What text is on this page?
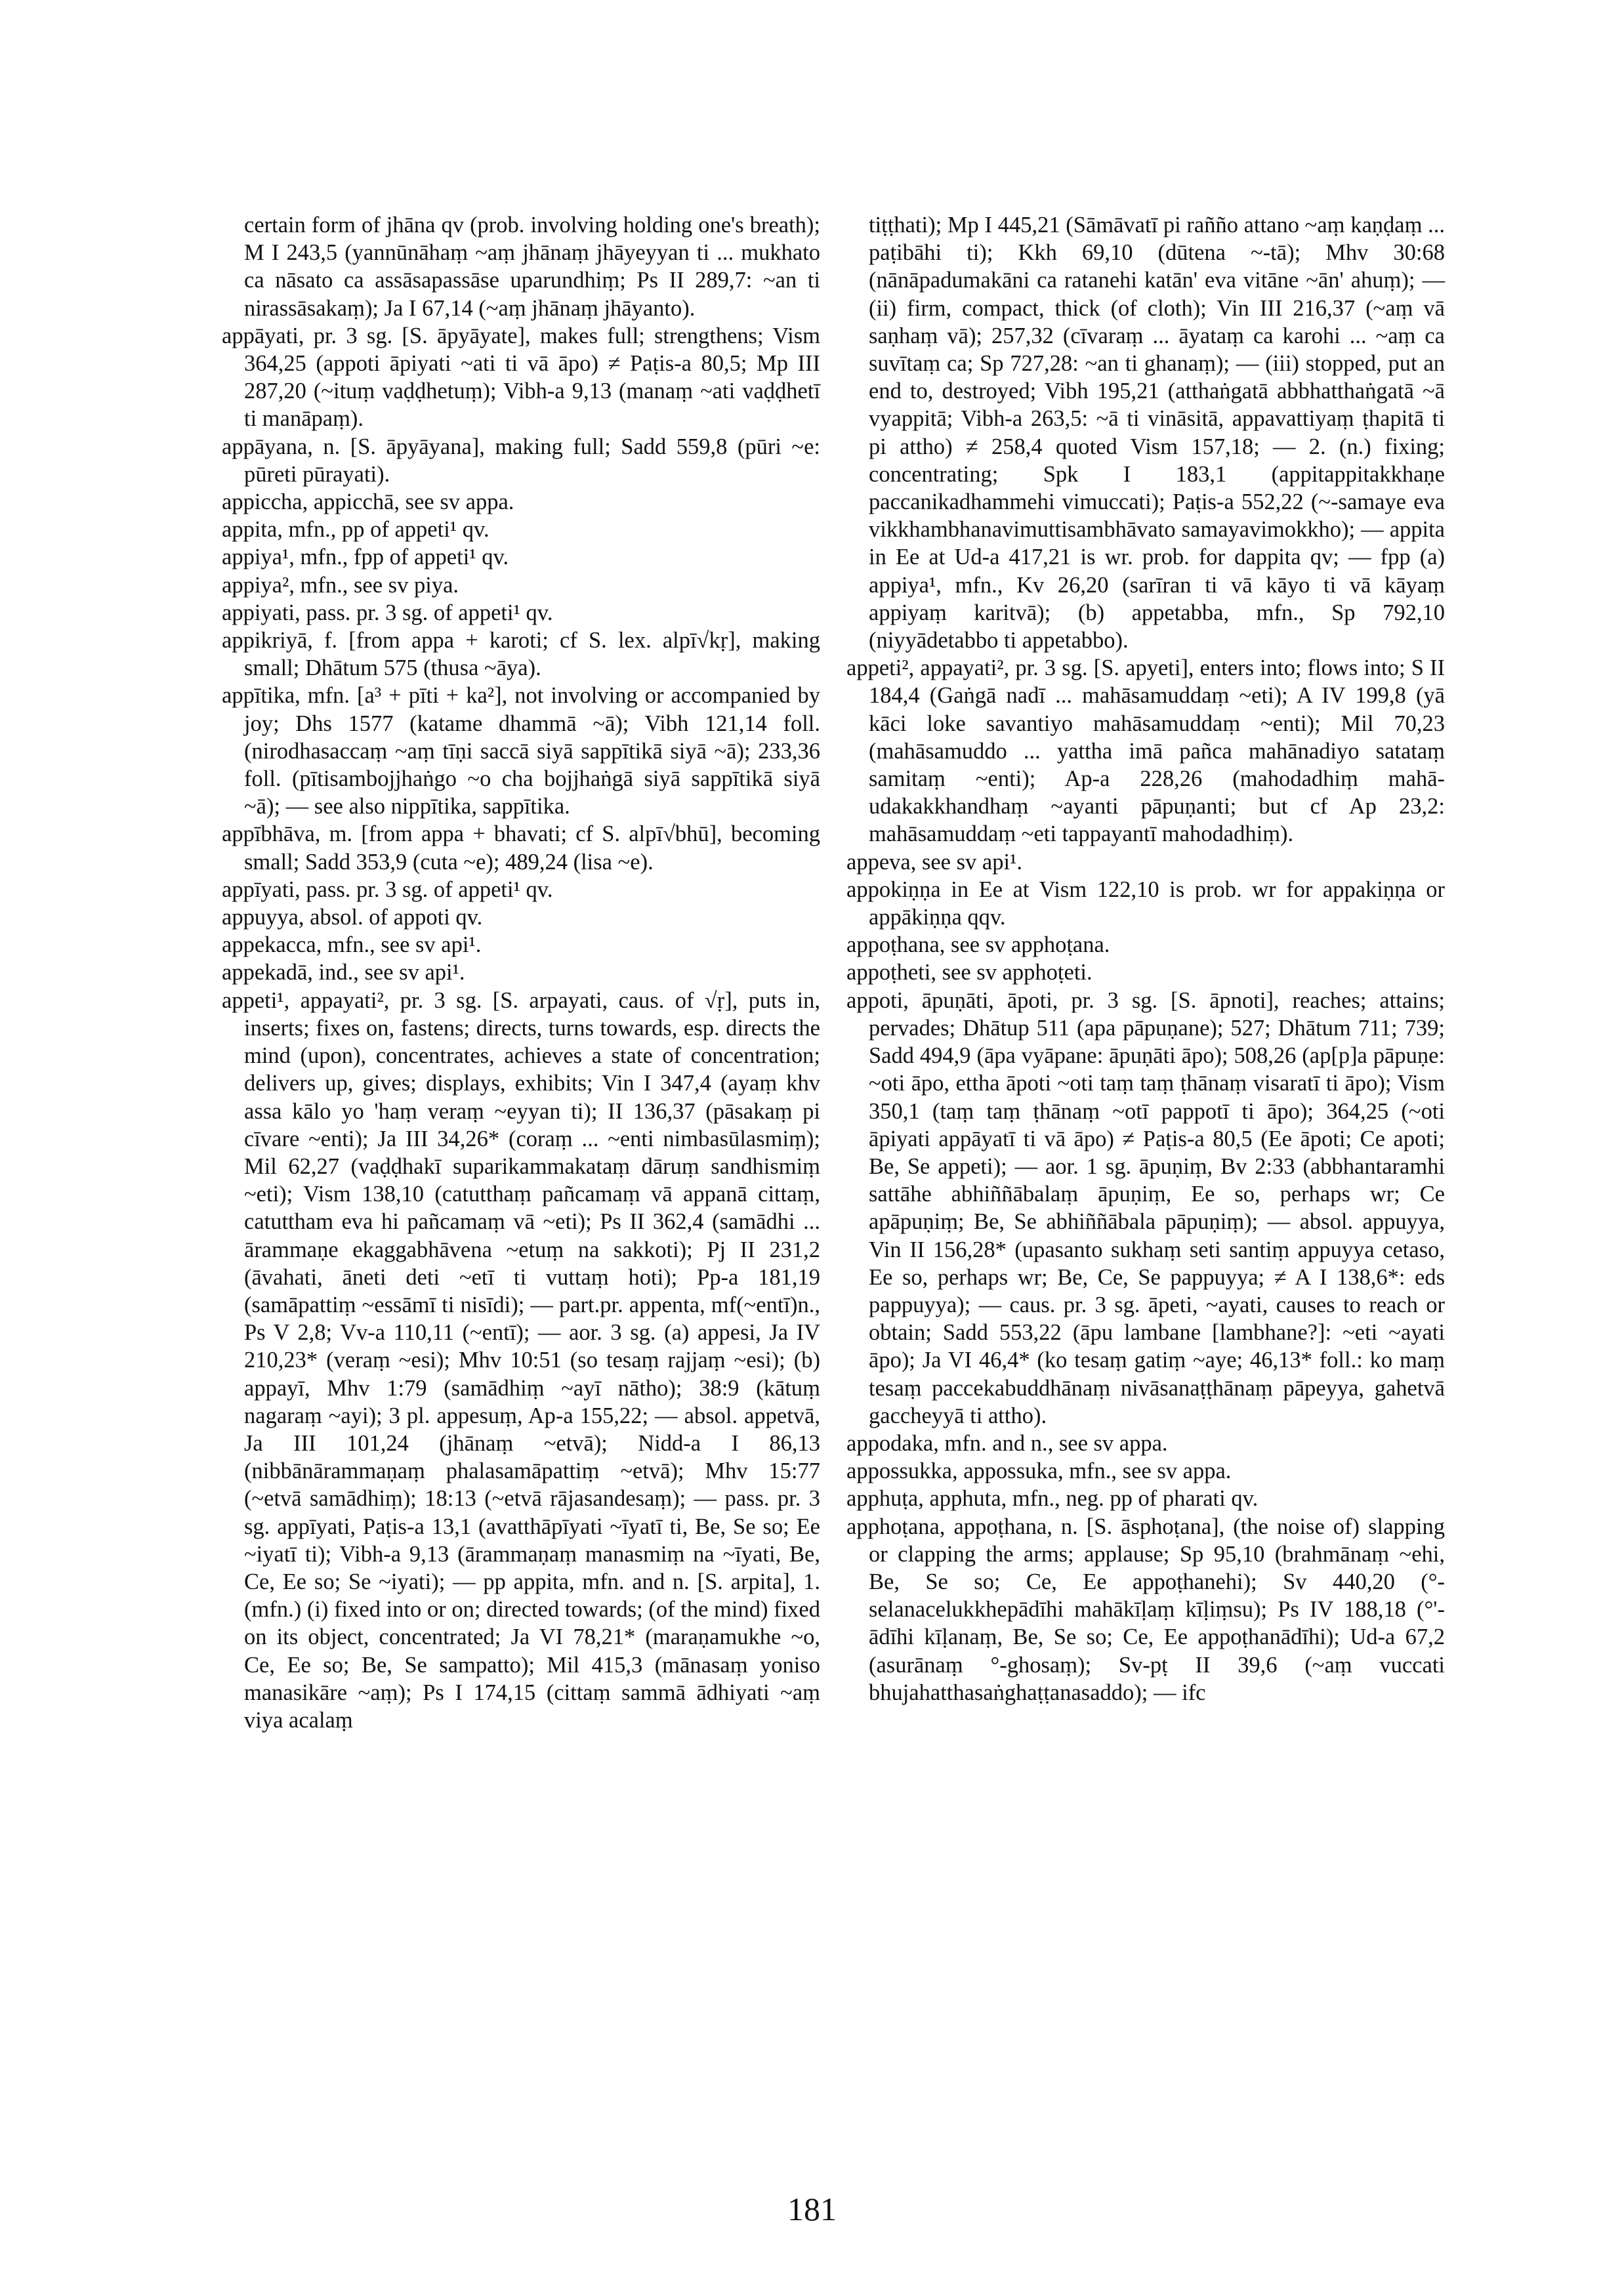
certain form of jhāna qv (prob. involving holding one's breath); M I 243,5 (yannūnāhaṃ ~aṃ jhānaṃ jhāyeyyan ti ... mukhato ca nāsato ca assāsapassāse uparundhiṃ; Ps II 289,7: ~an ti nirassāsakaṃ); Ja I 67,14 (~aṃ jhānaṃ jhāyanto).

appāyati, pr. 3 sg. [S. āpyāyate], makes full; strengthens; Vism 364,25 (appoti āpiyati ~ati ti vā āpo) ≠ Paṭis-a 80,5; Mp III 287,20 (~ituṃ vaḍḍhetuṃ); Vibh-a 9,13 (manaṃ ~ati vaḍḍhetī ti manāpaṃ).

appāyana, n. [S. āpyāyana], making full; Sadd 559,8 (pūri ~e: pūreti pūrayati).

appiccha, appicchā, see sv appa.

appita, mfn., pp of appeti¹ qv.

appiya¹, mfn., fpp of appeti¹ qv.

appiya², mfn., see sv piya.

appiyati, pass. pr. 3 sg. of appeti¹ qv.

appikriyā, f. [from appa + karoti; cf S. lex. alpī√kṛ], making small; Dhātum 575 (thusa ~āya).

appītika, mfn. [a³ + pīti + ka²], not involving or accompanied by joy; Dhs 1577 (katame dhammā ~ā); Vibh 121,14 foll. (nirodhasaccaṃ ~aṃ tīṇi saccā siyā sappītikā siyā ~ā); 233,36 foll. (pītisambojjhaṅgo ~o cha bojjhaṅgā siyā sappītikā siyā ~ā); — see also nippītika, sappītika.

appībhāva, m. [from appa + bhavati; cf S. alpī√bhū], becoming small; Sadd 353,9 (cuta ~e); 489,24 (lisa ~e).

appīyati, pass. pr. 3 sg. of appeti¹ qv.

appuyya, absol. of appoti qv.

appekacca, mfn., see sv api¹.

appekadā, ind., see sv api¹.

appeti¹, appayati², pr. 3 sg. [S. arpayati, caus. of √ṛ], puts in, inserts; fixes on, fastens; directs, turns towards, esp. directs the mind (upon), concentrates, achieves a state of concentration; delivers up, gives; displays, exhibits; Vin I 347,4 (ayaṃ khv assa kālo yo 'haṃ veraṃ ~eyyan ti); II 136,37 (pāsakaṃ pi cīvare ~enti); Ja III 34,26* (coraṃ ... ~enti nimbasūlasmiṃ); Mil 62,27 (vaḍḍhakī suparikammakataṃ dāruṃ sandhismiṃ ~eti); Vism 138,10 (catutthaṃ pañcamaṃ vā appanā cittaṃ, catuttham eva hi pañcamaṃ vā ~eti); Ps II 362,4 (samādhi ... ārammaṇe ekaggabhāvena ~etuṃ na sakkoti); Pj II 231,2 (āvahati, āneti deti ~etī ti vuttaṃ hoti); Pp-a 181,19 (samāpattiṃ ~essāmī ti nisīdi); — part.pr. appenta, mf(~entī)n., Ps V 2,8; Vv-a 110,11 (~entī); — aor. 3 sg. (a) appesi, Ja IV 210,23* (veraṃ ~esi); Mhv 10:51 (so tesaṃ rajjaṃ ~esi); (b) appayī, Mhv 1:79 (samādhiṃ ~ayī nātho); 38:9 (kātuṃ nagaraṃ ~ayi); 3 pl. appesuṃ, Ap-a 155,22; — absol. appetvā, Ja III 101,24 (jhānaṃ ~etvā); Nidd-a I 86,13 (nibbānārammaṇaṃ phalasamāpattiṃ ~etvā); Mhv 15:77 (~etvā samādhiṃ); 18:13 (~etvā rājasandesaṃ); — pass. pr. 3 sg. appīyati, Paṭis-a 13,1 (avatthāpīyati ~īyatī ti, Be, Se so; Ee ~iyatī ti); Vibh-a 9,13 (ārammaṇaṃ manasmiṃ na ~īyati, Be, Ce, Ee so; Se ~iyati); — pp appita, mfn. and n. [S. arpita], 1. (mfn.) (i) fixed into or on; directed towards; (of the mind) fixed on its object, concentrated; Ja VI 78,21* (maraṇamukhe ~o, Ce, Ee so; Be, Se sampatto); Mil 415,3 (mānasaṃ yoniso manasikāre ~aṃ); Ps I 174,15 (cittaṃ sammā ādhiyati ~aṃ viya acalaṃ

tiṭṭhati); Mp I 445,21 (Sāmāvatī pi rañño attano ~aṃ kaṇḍaṃ ... paṭibāhi ti); Kkh 69,10 (dūtena ~-tā); Mhv 30:68 (nānāpadumakāni ca ratanehi katān' eva vitāne ~ān' ahuṃ); — (ii) firm, compact, thick (of cloth); Vin III 216,37 (~aṃ vā saṇhaṃ vā); 257,32 (cīvaraṃ ... āyataṃ ca karohi ... ~aṃ ca suvītaṃ ca; Sp 727,28: ~an ti ghanaṃ); — (iii) stopped, put an end to, destroyed; Vibh 195,21 (atthaṅgatā abbhatthaṅgatā ~ā vyappitā; Vibh-a 263,5: ~ā ti vināsitā, appavattiyaṃ ṭhapitā ti pi attho) ≠ 258,4 quoted Vism 157,18; — 2. (n.) fixing; concentrating; Spk I 183,1 (appitappitakkhaṇe paccanikadhammehi vimuccati); Paṭis-a 552,22 (~-samaye eva vikkhambhanavimuttisambhāvato samayavimokkho); — appita in Ee at Ud-a 417,21 is wr. prob. for dappita qv; — fpp (a) appiya¹, mfn., Kv 26,20 (sarīran ti vā kāyo ti vā kāyaṃ appiyaṃ karitvā); (b) appetabba, mfn., Sp 792,10 (niyyādetabbo ti appetabbo).

appeti², appayati², pr. 3 sg. [S. apyeti], enters into; flows into; S II 184,4 (Gaṅgā nadī ... mahāsamuddaṃ ~eti); A IV 199,8 (yā kāci loke savantiyo mahāsamuddaṃ ~enti); Mil 70,23 (mahāsamuddo ... yattha imā pañca mahānadiyo satataṃ samitaṃ ~enti); Ap-a 228,26 (mahodadhiṃ mahā-udakakkhandhaṃ ~ayanti pāpuṇanti; but cf Ap 23,2: mahāsamuddaṃ ~eti tappayantī mahodadhiṃ).

appeva, see sv api¹.

appokiṇṇa in Ee at Vism 122,10 is prob. wr for appakiṇṇa or appākiṇṇa qqv.

appoṭhana, see sv apphoṭana.

appoṭheti, see sv apphoṭeti.

appoti, āpuṇāti, āpoti, pr. 3 sg. [S. āpnoti], reaches; attains; pervades; Dhātup 511 (apa pāpuṇane); 527; Dhātum 711; 739; Sadd 494,9 (āpa vyāpane: āpuṇāti āpo); 508,26 (ap[p]a pāpuṇe: ~oti āpo, ettha āpoti ~oti taṃ taṃ ṭhānaṃ visaratī ti āpo); Vism 350,1 (taṃ taṃ ṭhānaṃ ~otī pappotī ti āpo); 364,25 (~oti āpiyati appāyatī ti vā āpo) ≠ Paṭis-a 80,5 (Ee āpoti; Ce apoti; Be, Se appeti); — aor. 1 sg. āpuṇiṃ, Bv 2:33 (abbhantaramhi sattāhe abhiññābalaṃ āpuṇiṃ, Ee so, perhaps wr; Ce apāpuṇiṃ; Be, Se abhiññābala pāpuṇiṃ); — absol. appuyya, Vin II 156,28* (upasanto sukhaṃ seti santiṃ appuyya cetaso, Ee so, perhaps wr; Be, Ce, Se pappuyya; ≠ A I 138,6*: eds pappuyya); — caus. pr. 3 sg. āpeti, ~ayati, causes to reach or obtain; Sadd 553,22 (āpu lambane [lambhane?]: ~eti ~ayati āpo); Ja VI 46,4* (ko tesaṃ gatiṃ ~aye; 46,13* foll.: ko maṃ tesaṃ paccekabuddhānaṃ nivāsanaṭṭhānaṃ pāpeyya, gahetvā gaccheyyā ti attho).

appodaka, mfn. and n., see sv appa.

appossukka, appossuka, mfn., see sv appa.

apphuṭa, apphuta, mfn., neg. pp of pharati qv.

apphoṭana, appoṭhana, n. [S. āsphoṭana], (the noise of) slapping or clapping the arms; applause; Sp 95,10 (brahmānaṃ ~ehi, Be, Se so; Ce, Ee appoṭhanehi); Sv 440,20 (°-selanacelukkhepādīhi mahākīḷaṃ kīḷiṃsu); Ps IV 188,18 (°'-ādīhi kīḷanaṃ, Be, Se so; Ce, Ee appoṭhanādīhi); Ud-a 67,2 (asurānaṃ °-ghosaṃ); Sv-pṭ II 39,6 (~aṃ vuccati bhujahatthasaṅghaṭṭanasaddo); — ifc

181
